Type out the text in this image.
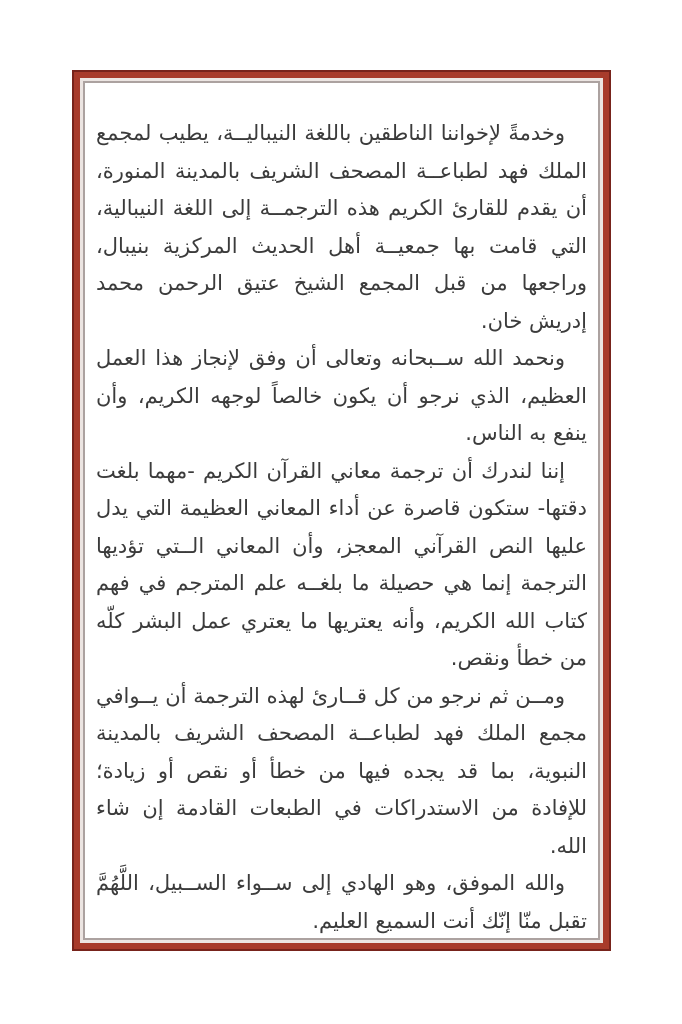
وخدمةً لإخواننا الناطقين باللغة النيباليــة، يطيب لمجمع الملك فهد لطباعــة المصحف الشريف بالمدينة المنورة، أن يقدم للقارئ الكريم هذه الترجمــة إلى اللغة النيبالية، التي قامت بها جمعيــة أهل الحديث المركزية بنيبال، وراجعها من قبل المجمع الشيخ عتيق الرحمن محمد إدريش خان.

ونحمد الله ســبحانه وتعالى أن وفق لإنجاز هذا العمل العظيم، الذي نرجو أن يكون خالصاً لوجهه الكريم، وأن ينفع به الناس.

إننا لندرك أن ترجمة معاني القرآن الكريم -مهما بلغت دقتها- ستكون قاصرة عن أداء المعاني العظيمة التي يدل عليها النص القرآني المعجز، وأن المعاني الــتي تؤديها الترجمة إنما هي حصيلة ما بلغــه علم المترجم في فهم كتاب الله الكريم، وأنه يعتريها ما يعتري عمل البشر كلّه من خطأ ونقص.

ومــن ثم نرجو من كل قــارئ لهذه الترجمة أن يــوافي مجمع الملك فهد لطباعــة المصحف الشريف بالمدينة النبوية، بما قد يجده فيها من خطأ أو نقص أو زيادة؛ للإفادة من الاستدراكات في الطبعات القادمة إن شاء الله.

والله الموفق، وهو الهادي إلى ســواء الســبيل، اللَّهُمَّ تقبل منّا إنّك أنت السميع العليم.
